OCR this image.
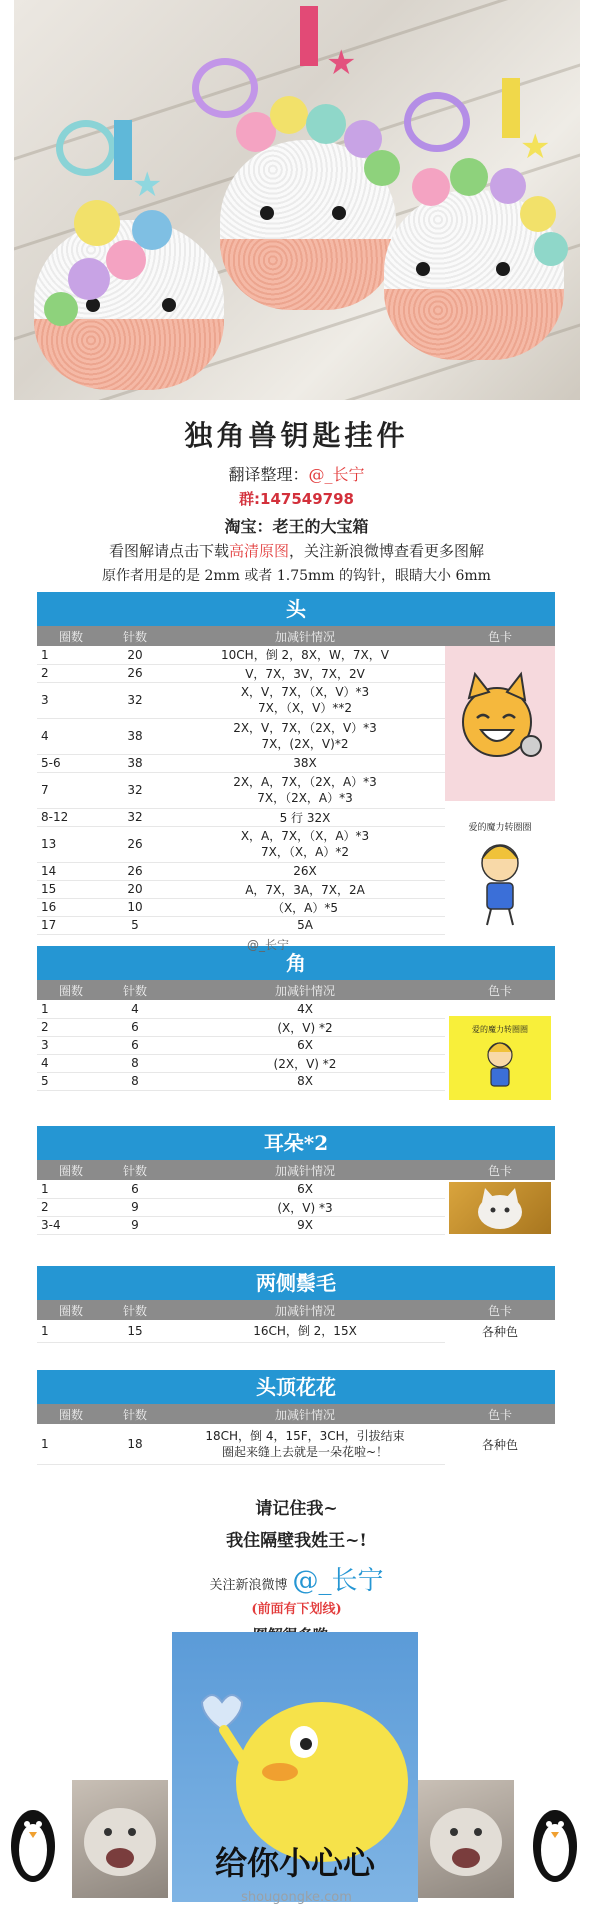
★
★
★
独角兽钥匙挂件
翻译整理：@_长宁
群:147549798
淘宝：老王的大宝箱
看图解请点击下载高清原图，关注新浪微博查看更多图解
原作者用是的是 2mm 或者 1.75mm 的钩针，眼睛大小 6mm
头
圈数	针数	加减针情况	色卡
1	20	10CH，倒 2，8X，W，7X，V	
2	26	V，7X，3V，7X，2V	
3	32	X，V，7X，（X，V）*3
7X，（X，V）**2	

4	38	2X，V，7X，（2X，V）*3
7X，(2X，V)*2	

5-6	38	38X	
7	32	2X，A，7X，（2X，A）*3
7X，（2X，A）*3	

8-12	32	5 行 32X	
13	26	X，A，7X，（X，A）*3
7X，（X，A）*2	

14	26	26X	
15	20	A，7X，3A，7X，2A	
16	10	（X，A）*5	
17	5	5A	
爱的魔力转圈圈
@_长宁
角
圈数	针数	加减针情况	色卡
1	4	4X	
2	6	(X，V) *2	
3	6	6X	
4	8	(2X，V) *2	
5	8	8X	
爱的魔力转圈圈
耳朵*2
圈数	针数	加减针情况	色卡
1	6	6X	
2	9	(X，V) *3	
3-4	9	9X	
两侧鬃毛
圈数	针数	加减针情况	色卡
1	15	16CH，倒 2，15X	各种色
头顶花花
圈数	针数	加减针情况	色卡
1	18	18CH，倒 4，15F，3CH，引拔结束
圈起来缝上去就是一朵花啦~！	各种色
请记住我~
我住隔壁我姓王~!
关注新浪微博 @_长宁
(前面有下划线)
给你小心心
shougongke.com
